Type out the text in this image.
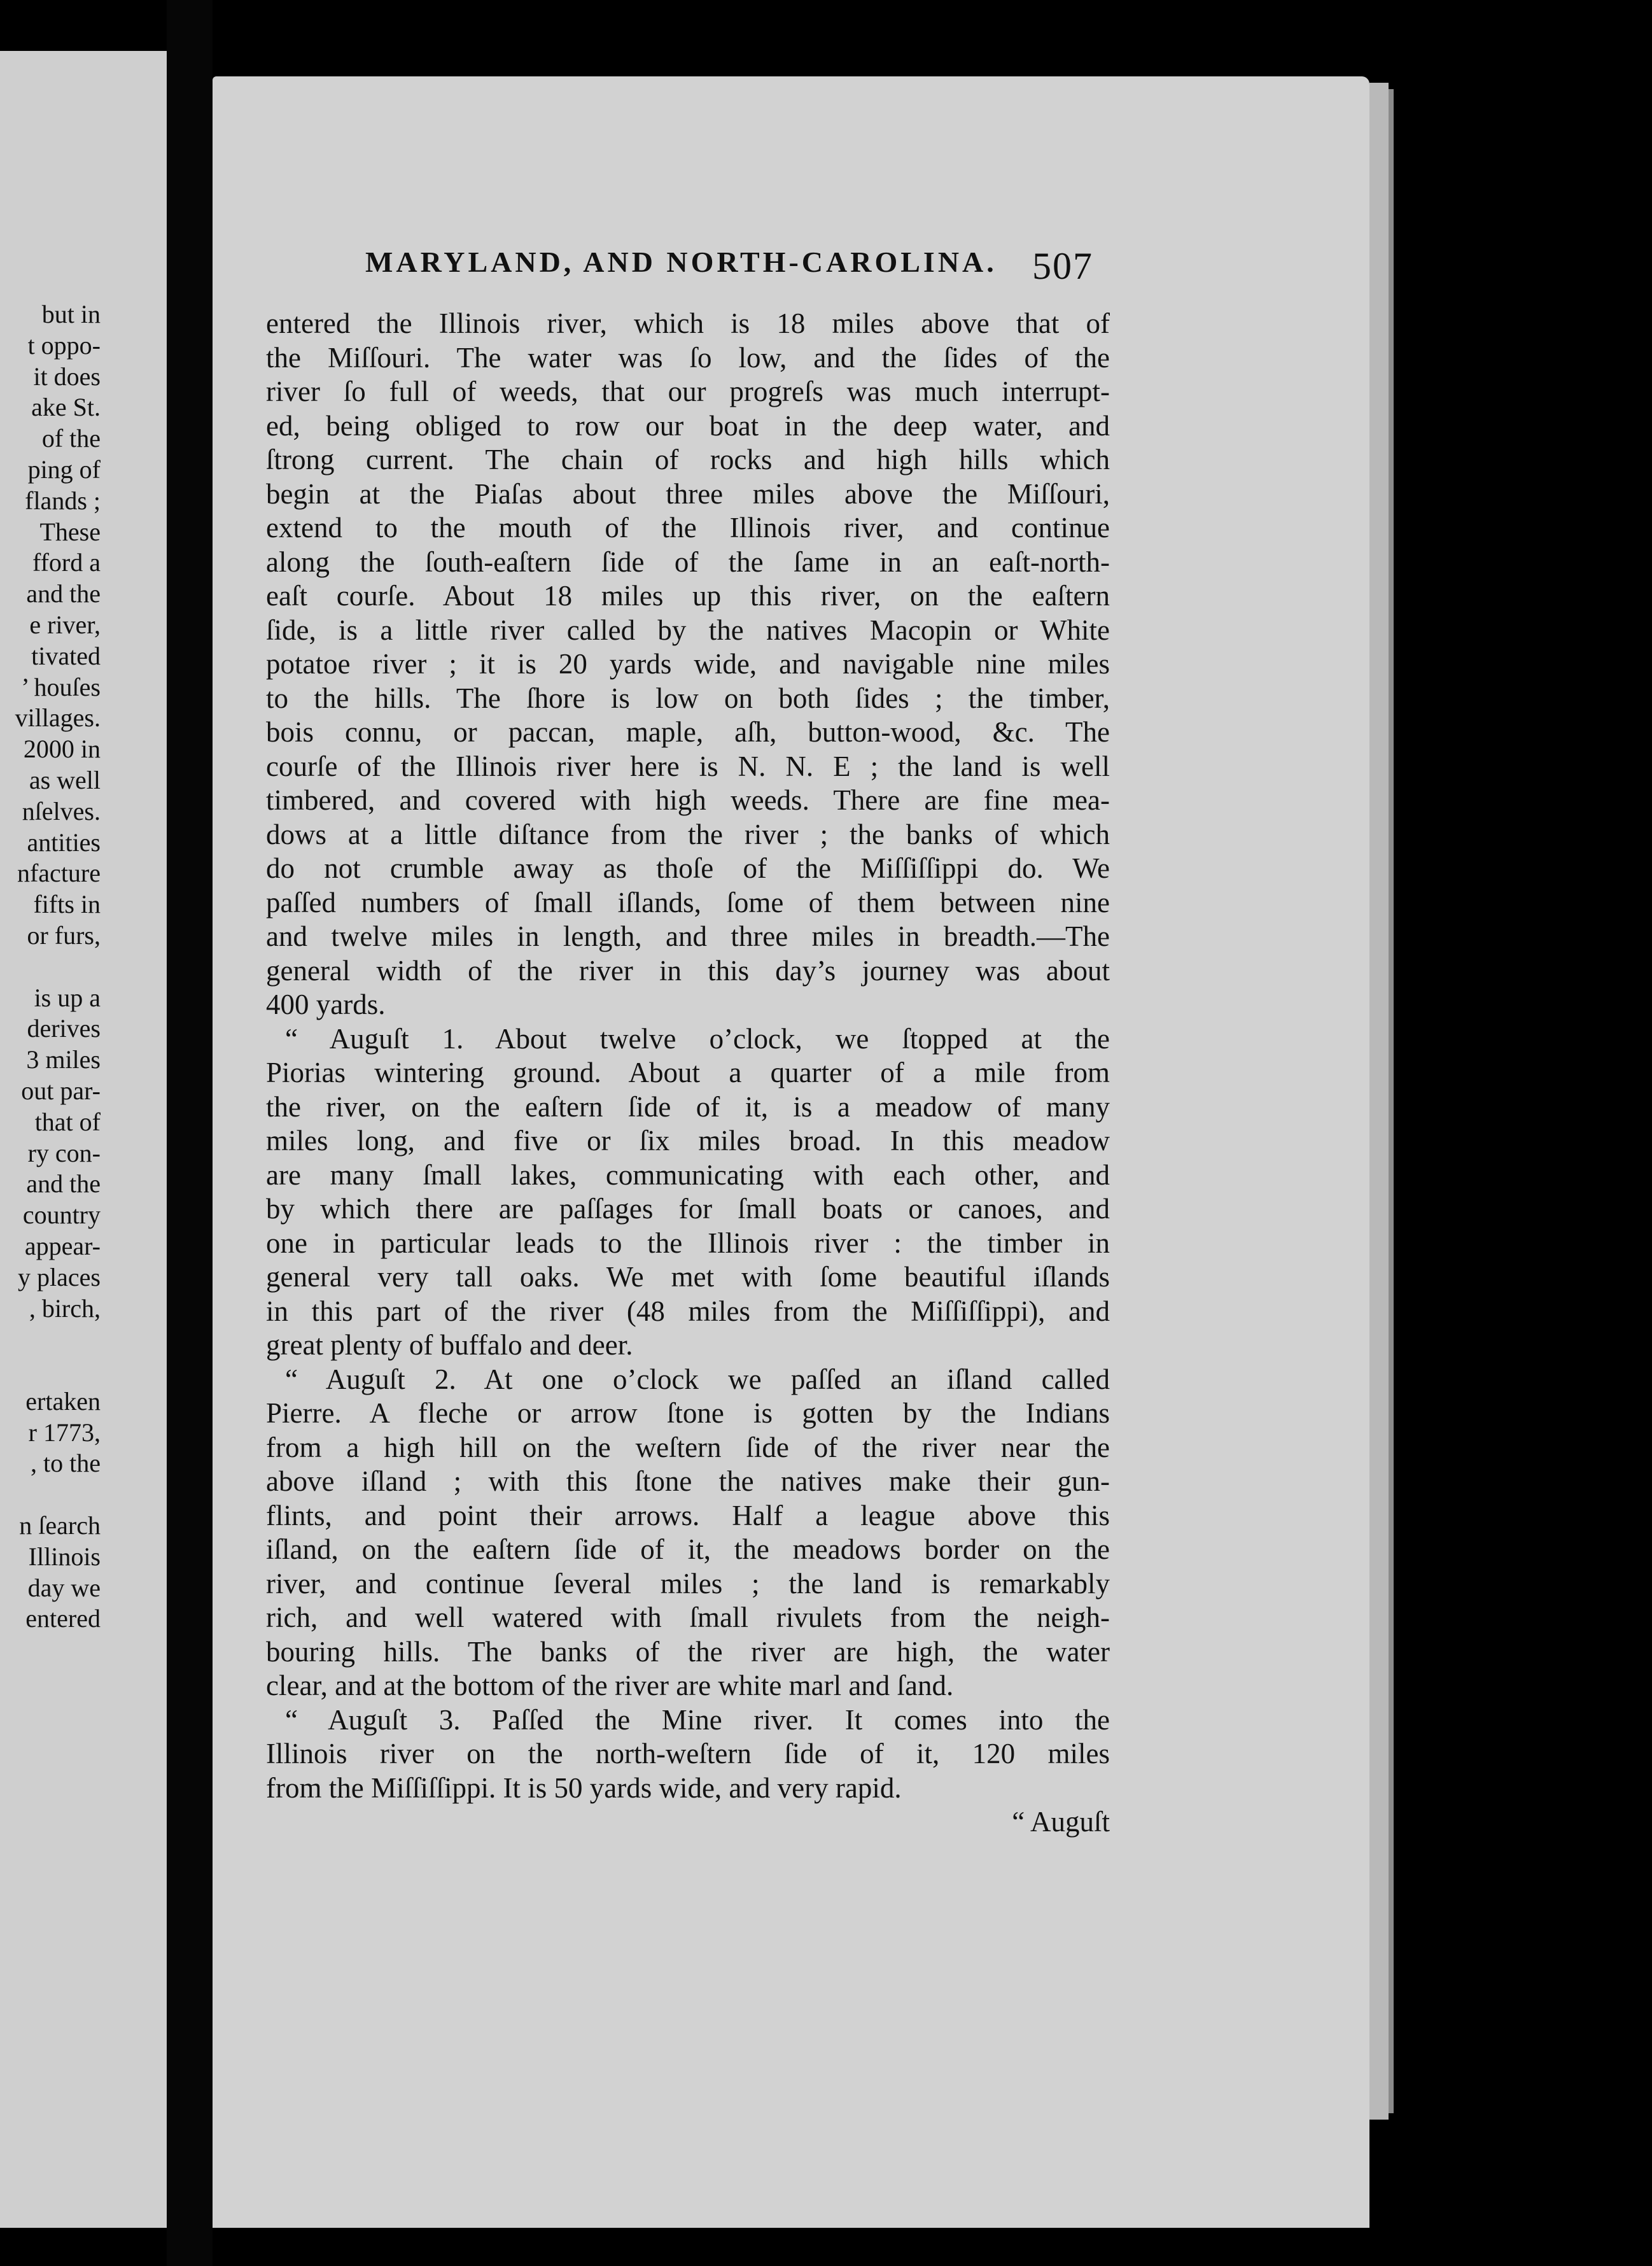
but in
t oppo-
it does
ake St.
of the
ping of
flands ;
These
fford a
and the
e river,
tivated
’ houſes
villages.
2000 in
as well
nſelves.
antities
nfacture
fifts in
or furs,
is up a
derives
3 miles
out par-
that of
ry con-
and the
country
appear-
y places
, birch,
ertaken
r 1773,
, to the
n ſearch
Illinois
day we
entered
MARYLAND, AND NORTH-CAROLINA. 507
entered the Illinois river, which is 18 miles above that of
the Miſſouri. The water was ſo low, and the ſides of the
river ſo full of weeds, that our progreſs was much interrupt-
ed, being obliged to row our boat in the deep water, and
ſtrong current. The chain of rocks and high hills which
begin at the Piaſas about three miles above the Miſſouri,
extend to the mouth of the Illinois river, and continue
along the ſouth-eaſtern ſide of the ſame in an eaſt-north-
eaſt courſe. About 18 miles up this river, on the eaſtern
ſide, is a little river called by the natives Macopin or White
potatoe river ; it is 20 yards wide, and navigable nine miles
to the hills. The ſhore is low on both ſides ; the timber,
bois connu, or paccan, maple, aſh, button-wood, &c. The
courſe of the Illinois river here is N. N. E ; the land is well
timbered, and covered with high weeds. There are fine mea-
dows at a little diſtance from the river ; the banks of which
do not crumble away as thoſe of the Miſſiſſippi do. We
paſſed numbers of ſmall iſlands, ſome of them between nine
and twelve miles in length, and three miles in breadth.—The
general width of the river in this day’s journey was about
400 yards.
“ Auguſt 1. About twelve o’clock, we ſtopped at the
Piorias wintering ground. About a quarter of a mile from
the river, on the eaſtern ſide of it, is a meadow of many
miles long, and five or ſix miles broad. In this meadow
are many ſmall lakes, communicating with each other, and
by which there are paſſages for ſmall boats or canoes, and
one in particular leads to the Illinois river : the timber in
general very tall oaks. We met with ſome beautiful iſlands
in this part of the river (48 miles from the Miſſiſſippi), and
great plenty of buffalo and deer.
“ Auguſt 2. At one o’clock we paſſed an iſland called
Pierre. A fleche or arrow ſtone is gotten by the Indians
from a high hill on the weſtern ſide of the river near the
above iſland ; with this ſtone the natives make their gun-
flints, and point their arrows. Half a league above this
iſland, on the eaſtern ſide of it, the meadows border on the
river, and continue ſeveral miles ; the land is remarkably
rich, and well watered with ſmall rivulets from the neigh-
bouring hills. The banks of the river are high, the water
clear, and at the bottom of the river are white marl and ſand.
“ Auguſt 3. Paſſed the Mine river. It comes into the
Illinois river on the north-weſtern ſide of it, 120 miles
from the Miſſiſſippi. It is 50 yards wide, and very rapid.
“ Auguſt
